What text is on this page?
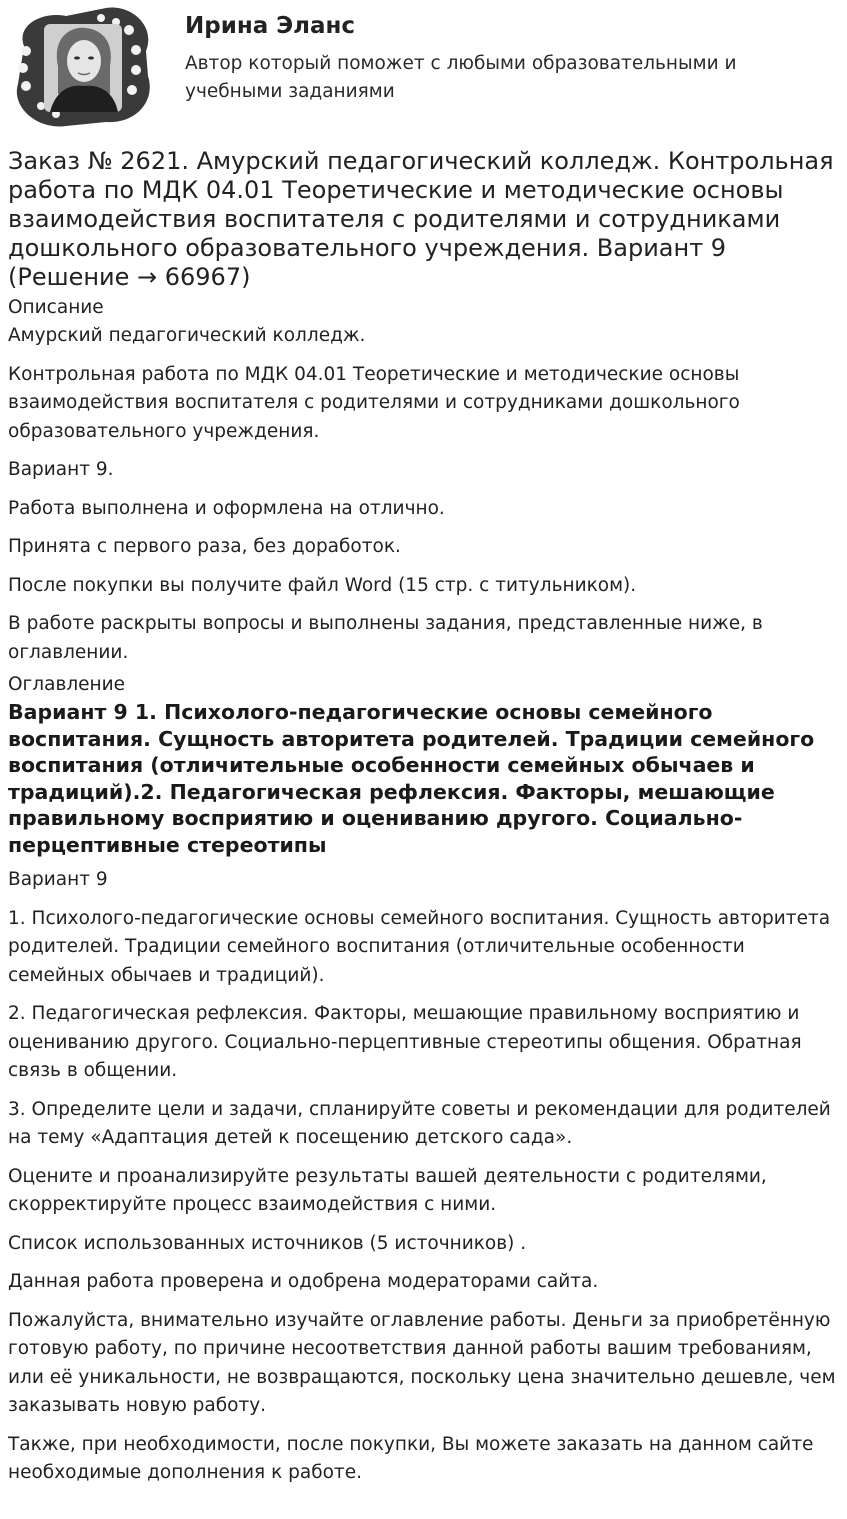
Ирина Эланс
Автор который поможет с любыми образовательными и учебными заданиями
Заказ № 2621. Амурский педагогический колледж. Контрольная работа по МДК 04.01 Теоретические и методические основы взаимодействия воспитателя с родителями и сотрудниками дошкольного образовательного учреждения. Вариант 9 (Решение → 66967)
Описание

Амурский педагогический колледж.

Контрольная работа по МДК 04.01 Теоретические и методические основы взаимодействия воспитателя с родителями и сотрудниками дошкольного образовательного учреждения.

Вариант 9.

Работа выполнена и оформлена на отлично.

Принята с первого раза, без доработок.

После покупки вы получите файл Word (15 стр. с титульником).

В работе раскрыты вопросы и выполнены задания, представленные ниже, в оглавлении.

Оглавление
Вариант 9 1. Психолого-педагогические основы семейного воспитания. Сущность авторитета родителей. Традиции семейного воспитания (отличительные особенности семейных обычаев и традиций).2. Педагогическая рефлексия. Факторы, мешающие правильному восприятию и оцениванию другого. Социально-перцептивные стереотипы

Вариант 9

1. Психолого-педагогические основы семейного воспитания. Сущность авторитета родителей. Традиции семейного воспитания (отличительные особенности семейных обычаев и традиций).

2. Педагогическая рефлексия. Факторы, мешающие правильному восприятию и оцениванию другого. Социально-перцептивные стереотипы общения. Обратная связь в общении.

3. Определите цели и задачи, спланируйте советы и рекомендации для родителей на тему «Адаптация детей к посещению детского сада».

Оцените и проанализируйте результаты вашей деятельности с родителями, скорректируйте процесс взаимодействия с ними.

Список использованных источников (5 источников) .

Данная работа проверена и одобрена модераторами сайта.

Пожалуйста, внимательно изучайте оглавление работы. Деньги за приобретённую готовую работу, по причине несоответствия данной работы вашим требованиям, или её уникальности, не возвращаются, поскольку цена значительно дешевле, чем заказывать новую работу.

Также, при необходимости, после покупки, Вы можете заказать на данном сайте необходимые дополнения к работе.
